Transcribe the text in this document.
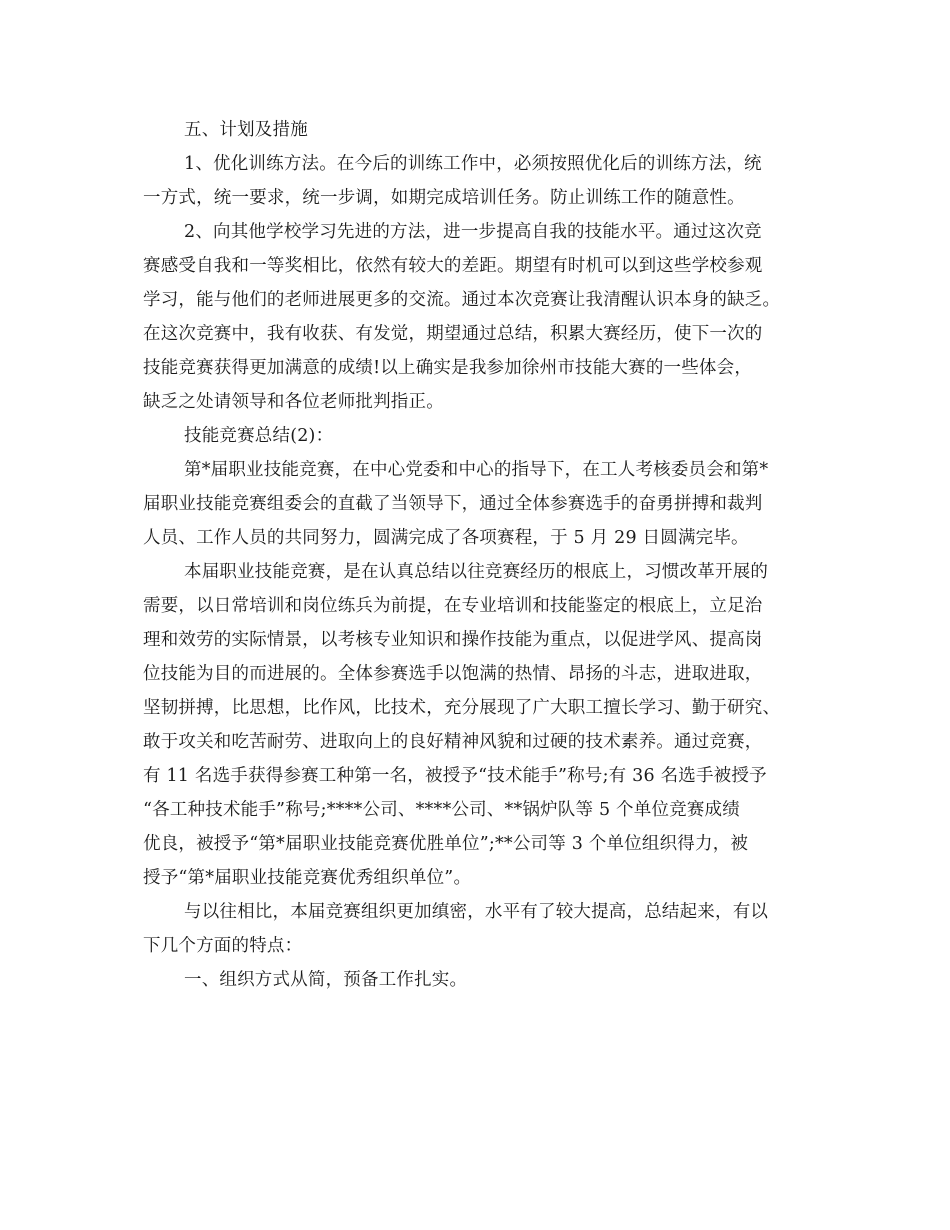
五、计划及措施
1、优化训练方法。在今后的训练工作中，必须按照优化后的训练方法，统
一方式，统一要求，统一步调，如期完成培训任务。防止训练工作的随意性。
2、向其他学校学习先进的方法，进一步提高自我的技能水平。通过这次竞
赛感受自我和一等奖相比，依然有较大的差距。期望有时机可以到这些学校参观
学习，能与他们的老师进展更多的交流。通过本次竞赛让我清醒认识本身的缺乏。
在这次竞赛中，我有收获、有发觉，期望通过总结，积累大赛经历，使下一次的
技能竞赛获得更加满意的成绩!以上确实是我参加徐州市技能大赛的一些体会，
缺乏之处请领导和各位老师批判指正。
技能竞赛总结(2)：
第*届职业技能竞赛，在中心党委和中心的指导下，在工人考核委员会和第*
届职业技能竞赛组委会的直截了当领导下，通过全体参赛选手的奋勇拼搏和裁判
人员、工作人员的共同努力，圆满完成了各项赛程，于 5 月 29 日圆满完毕。
本届职业技能竞赛，是在认真总结以往竞赛经历的根底上，习惯改革开展的
需要，以日常培训和岗位练兵为前提，在专业培训和技能鉴定的根底上，立足治
理和效劳的实际情景，以考核专业知识和操作技能为重点，以促进学风、提高岗
位技能为目的而进展的。全体参赛选手以饱满的热情、昂扬的斗志，进取进取，
坚韧拼搏，比思想，比作风，比技术，充分展现了广大职工擅长学习、勤于研究、
敢于攻关和吃苦耐劳、进取向上的良好精神风貌和过硬的技术素养。通过竞赛，
有 11 名选手获得参赛工种第一名，被授予“技术能手”称号;有 36 名选手被授予
“各工种技术能手”称号;****公司、****公司、**锅炉队等 5 个单位竞赛成绩
优良，被授予“第*届职业技能竞赛优胜单位”;**公司等 3 个单位组织得力，被
授予“第*届职业技能竞赛优秀组织单位”。
与以往相比，本届竞赛组织更加缜密，水平有了较大提高，总结起来，有以
下几个方面的特点：
一、组织方式从简，预备工作扎实。
